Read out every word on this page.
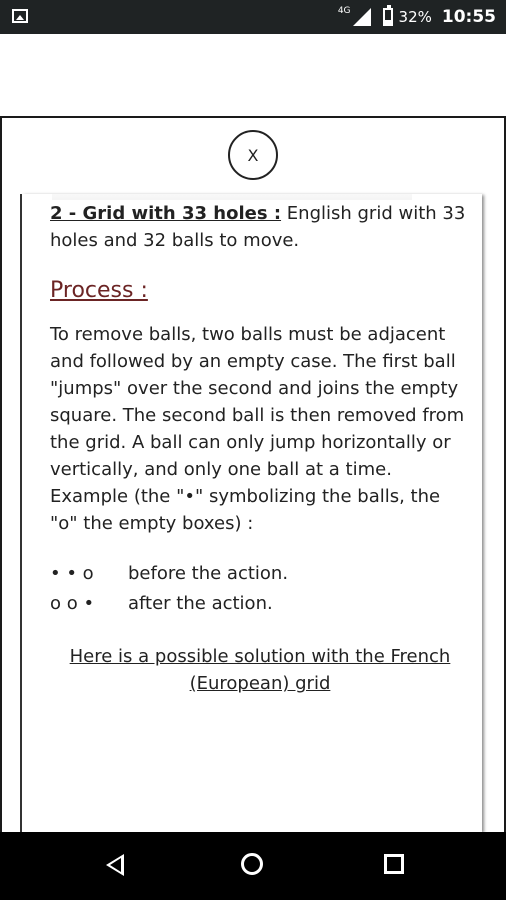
4G	32% 10:55
X

2 - Grid with 33 holes : English grid with 33 holes and 32 balls to move.

Process :

To remove balls, two balls must be adjacent and followed by an empty case. The first ball "jumps" over the second and joins the empty square. The second ball is then removed from the grid. A ball can only jump horizontally or vertically, and only one ball at a time. Example (the "•" symbolizing the balls, the "o" the empty boxes) :

• • o	before the action.
o o •	after the action.
Here is a possible solution with the French (European) grid
